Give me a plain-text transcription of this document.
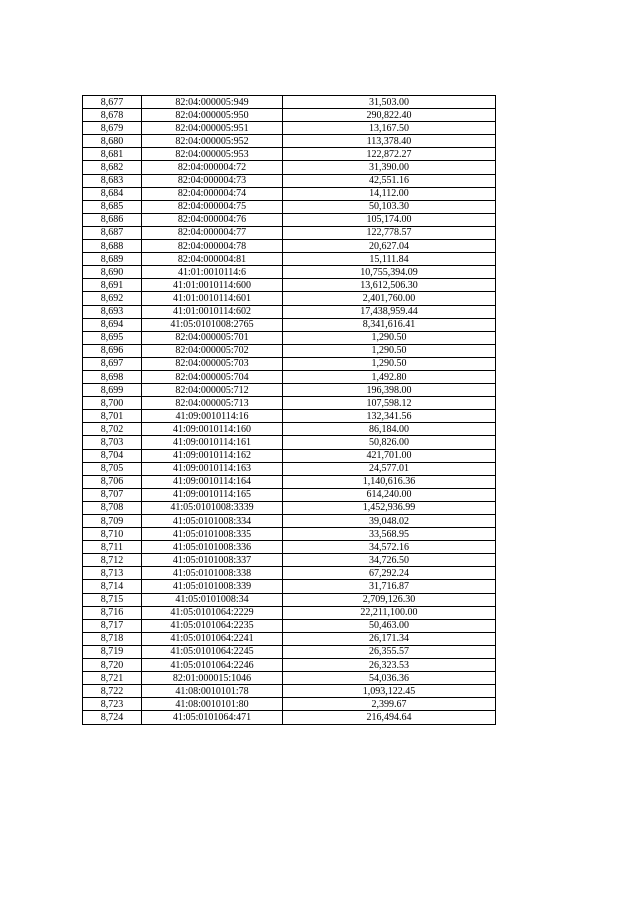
8,677	82:04:000005:949	31,503.00
8,678	82:04:000005:950	290,822.40
8,679	82:04:000005:951	13,167.50
8,680	82:04:000005:952	113,378.40
8,681	82:04:000005:953	122,872.27
8,682	82:04:000004:72	31,390.00
8,683	82:04:000004:73	42,551.16
8,684	82:04:000004:74	14,112.00
8,685	82:04:000004:75	50,103.30
8,686	82:04:000004:76	105,174.00
8,687	82:04:000004:77	122,778.57
8,688	82:04:000004:78	20,627.04
8,689	82:04:000004:81	15,111.84
8,690	41:01:0010114:6	10,755,394.09
8,691	41:01:0010114:600	13,612,506.30
8,692	41:01:0010114:601	2,401,760.00
8,693	41:01:0010114:602	17,438,959.44
8,694	41:05:0101008:2765	8,341,616.41
8,695	82:04:000005:701	1,290.50
8,696	82:04:000005:702	1,290.50
8,697	82:04:000005:703	1,290.50
8,698	82:04:000005:704	1,492.80
8,699	82:04:000005:712	196,398.00
8,700	82:04:000005:713	107,598.12
8,701	41:09:0010114:16	132,341.56
8,702	41:09:0010114:160	86,184.00
8,703	41:09:0010114:161	50,826.00
8,704	41:09:0010114:162	421,701.00
8,705	41:09:0010114:163	24,577.01
8,706	41:09:0010114:164	1,140,616.36
8,707	41:09:0010114:165	614,240.00
8,708	41:05:0101008:3339	1,452,936.99
8,709	41:05:0101008:334	39,048.02
8,710	41:05:0101008:335	33,568.95
8,711	41:05:0101008:336	34,572.16
8,712	41:05:0101008:337	34,726.50
8,713	41:05:0101008:338	67,292.24
8,714	41:05:0101008:339	31,716.87
8,715	41:05:0101008:34	2,709,126.30
8,716	41:05:0101064:2229	22,211,100.00
8,717	41:05:0101064:2235	50,463.00
8,718	41:05:0101064:2241	26,171.34
8,719	41:05:0101064:2245	26,355.57
8,720	41:05:0101064:2246	26,323.53
8,721	82:01:000015:1046	54,036.36
8,722	41:08:0010101:78	1,093,122.45
8,723	41:08:0010101:80	2,399.67
8,724	41:05:0101064:471	216,494.64
